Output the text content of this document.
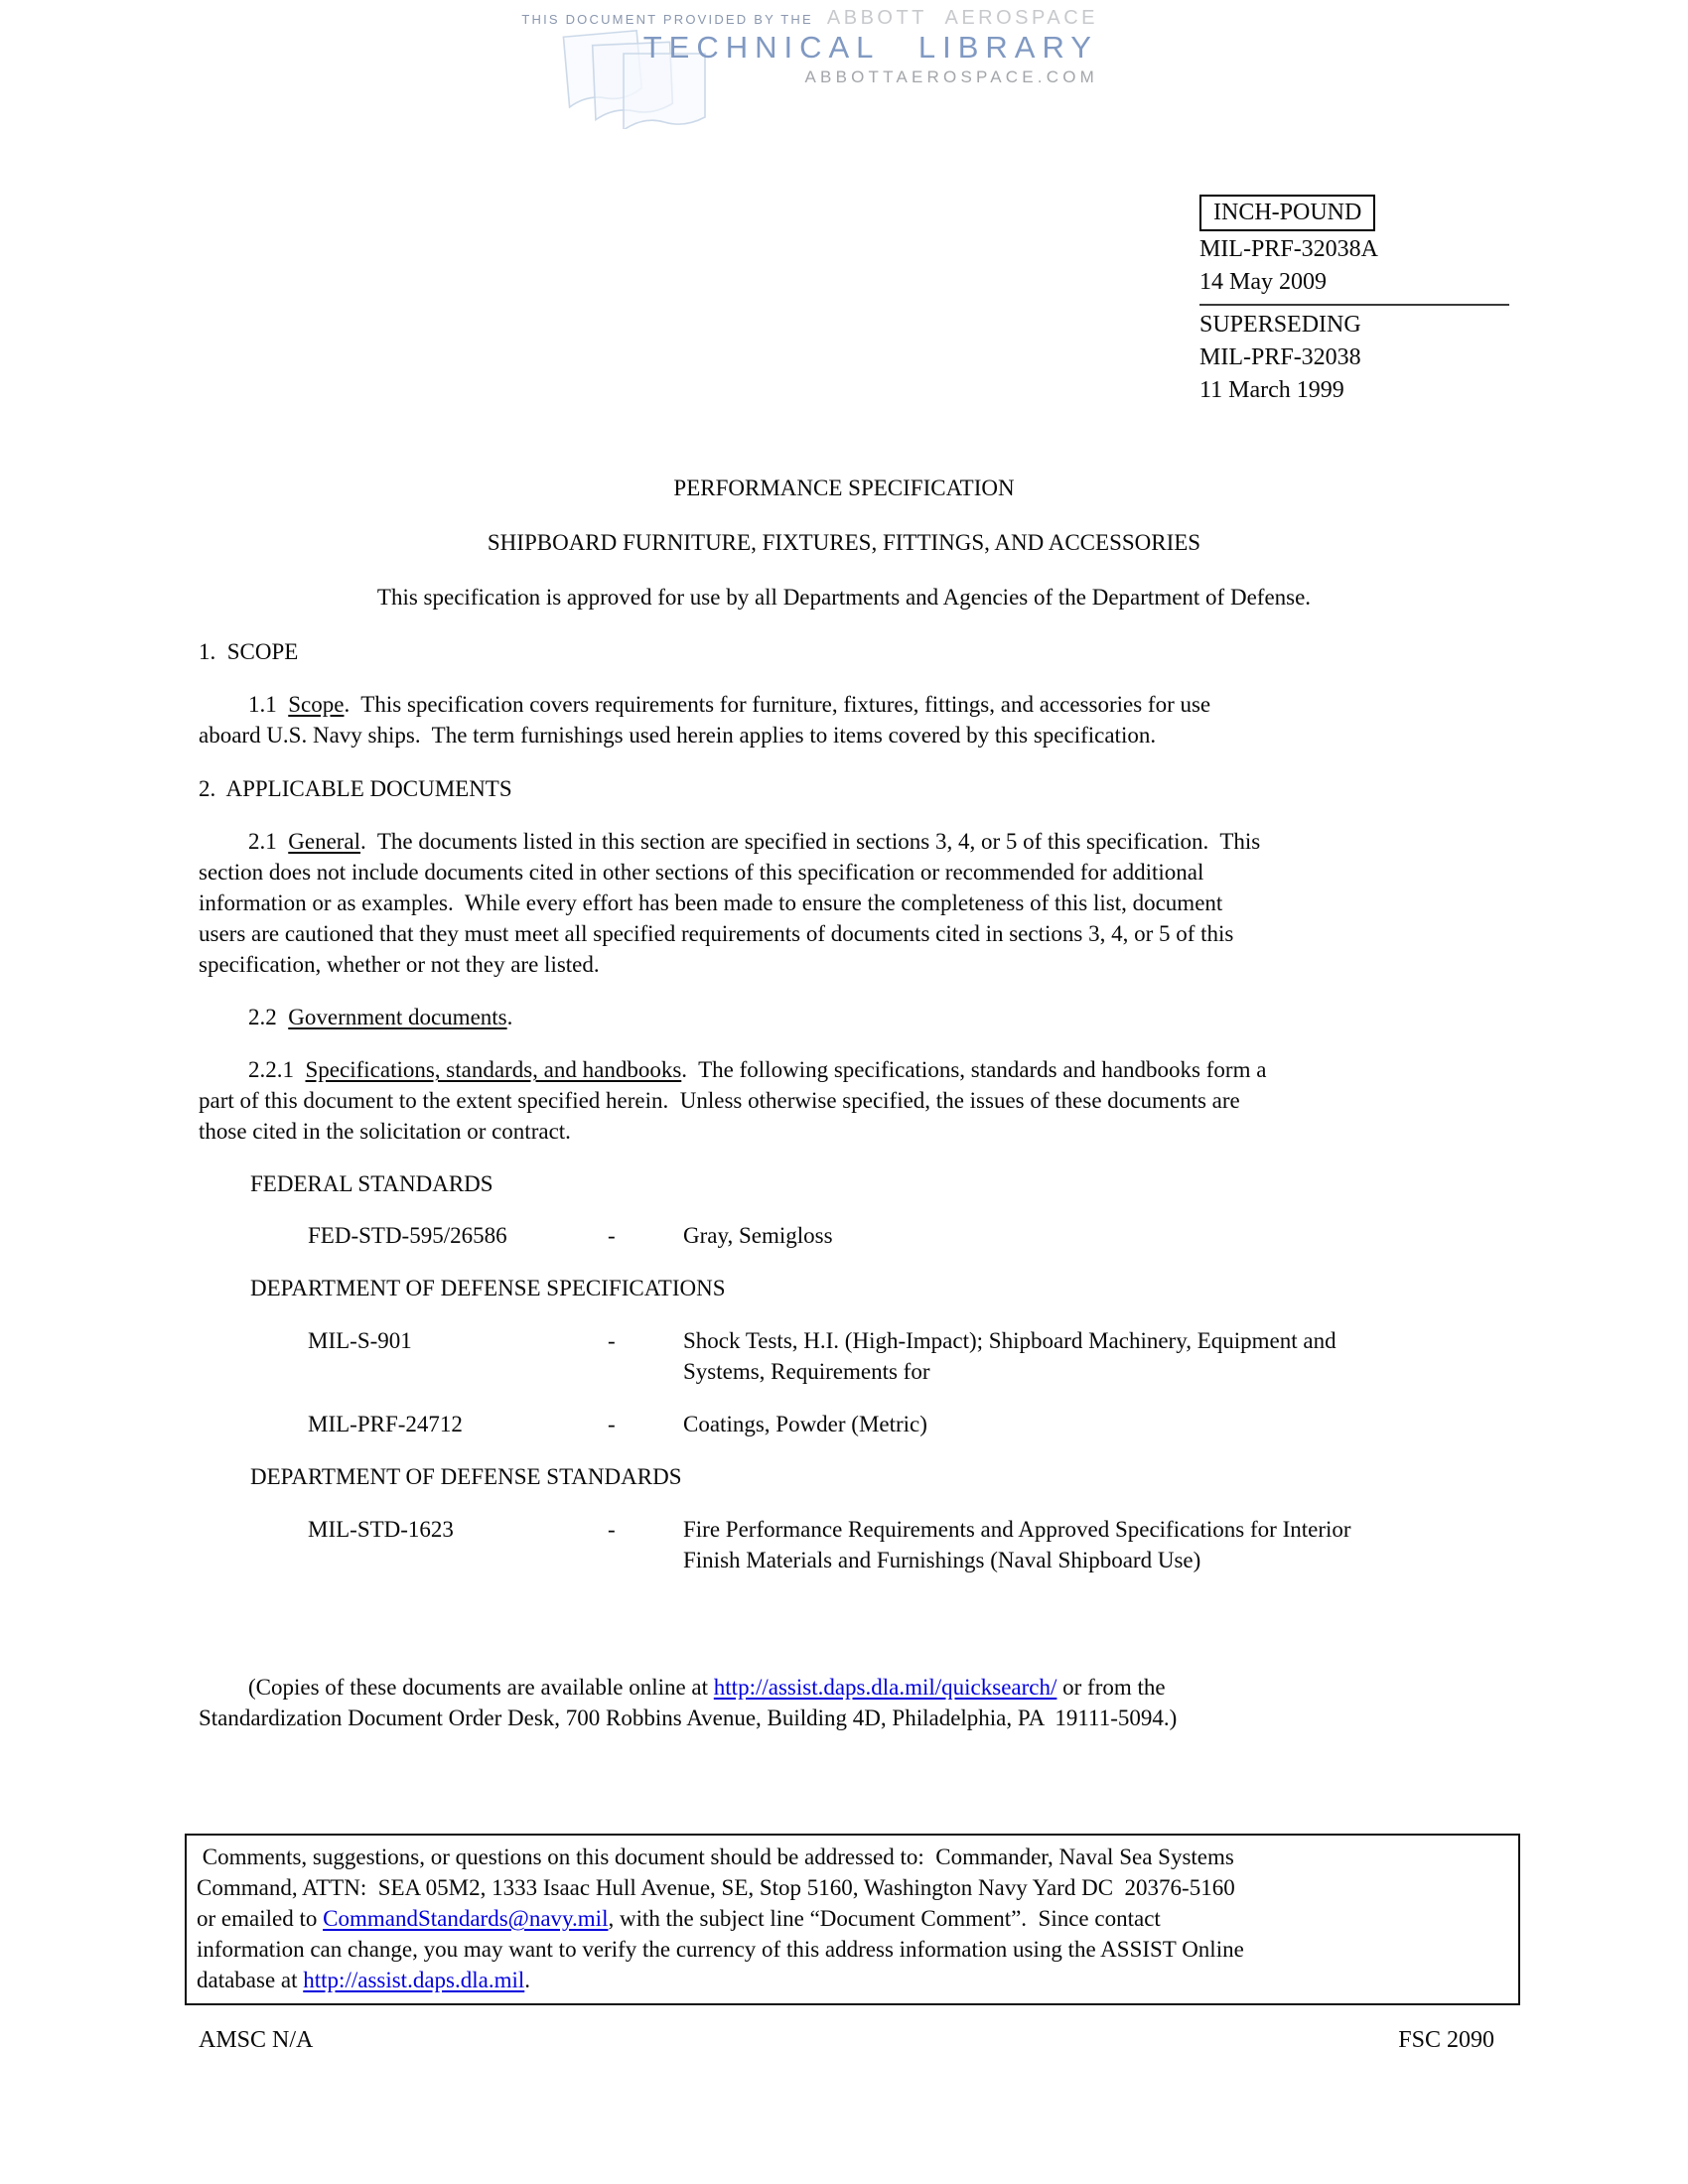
THIS DOCUMENT PROVIDED BY THE ABBOTT AEROSPACE
TECHNICAL LIBRARY
ABBOTTAEROSPACE.COM
INCH-POUND
MIL-PRF-32038A
14 May 2009
SUPERSEDING
MIL-PRF-32038
11 March 1999
PERFORMANCE SPECIFICATION
SHIPBOARD FURNITURE, FIXTURES, FITTINGS, AND ACCESSORIES
This specification is approved for use by all Departments and Agencies of the Department of Defense.
1.  SCOPE
1.1  Scope.  This specification covers requirements for furniture, fixtures, fittings, and accessories for use
aboard U.S. Navy ships.  The term furnishings used herein applies to items covered by this specification.
2.  APPLICABLE DOCUMENTS
2.1  General.  The documents listed in this section are specified in sections 3, 4, or 5 of this specification.  This
section does not include documents cited in other sections of this specification or recommended for additional
information or as examples.  While every effort has been made to ensure the completeness of this list, document
users are cautioned that they must meet all specified requirements of documents cited in sections 3, 4, or 5 of this
specification, whether or not they are listed.
2.2  Government documents.
2.2.1  Specifications, standards, and handbooks.  The following specifications, standards and handbooks form a
part of this document to the extent specified herein.  Unless otherwise specified, the issues of these documents are
those cited in the solicitation or contract.
FEDERAL STANDARDS
FED-STD-595/26586	-	Gray, Semigloss
DEPARTMENT OF DEFENSE SPECIFICATIONS
MIL-S-901	-	Shock Tests, H.I. (High-Impact); Shipboard Machinery, Equipment and
Systems, Requirements for
MIL-PRF-24712	-	Coatings, Powder (Metric)
DEPARTMENT OF DEFENSE STANDARDS
MIL-STD-1623	-	Fire Performance Requirements and Approved Specifications for Interior
Finish Materials and Furnishings (Naval Shipboard Use)
(Copies of these documents are available online at http://assist.daps.dla.mil/quicksearch/ or from the
Standardization Document Order Desk, 700 Robbins Avenue, Building 4D, Philadelphia, PA  19111-5094.)
Comments, suggestions, or questions on this document should be addressed to:  Commander, Naval Sea Systems
Command, ATTN:  SEA 05M2, 1333 Isaac Hull Avenue, SE, Stop 5160, Washington Navy Yard DC  20376-5160
or emailed to CommandStandards@navy.mil, with the subject line “Document Comment”.  Since contact
information can change, you may want to verify the currency of this address information using the ASSIST Online
database at http://assist.daps.dla.mil.
AMSC N/A	FSC 2090
